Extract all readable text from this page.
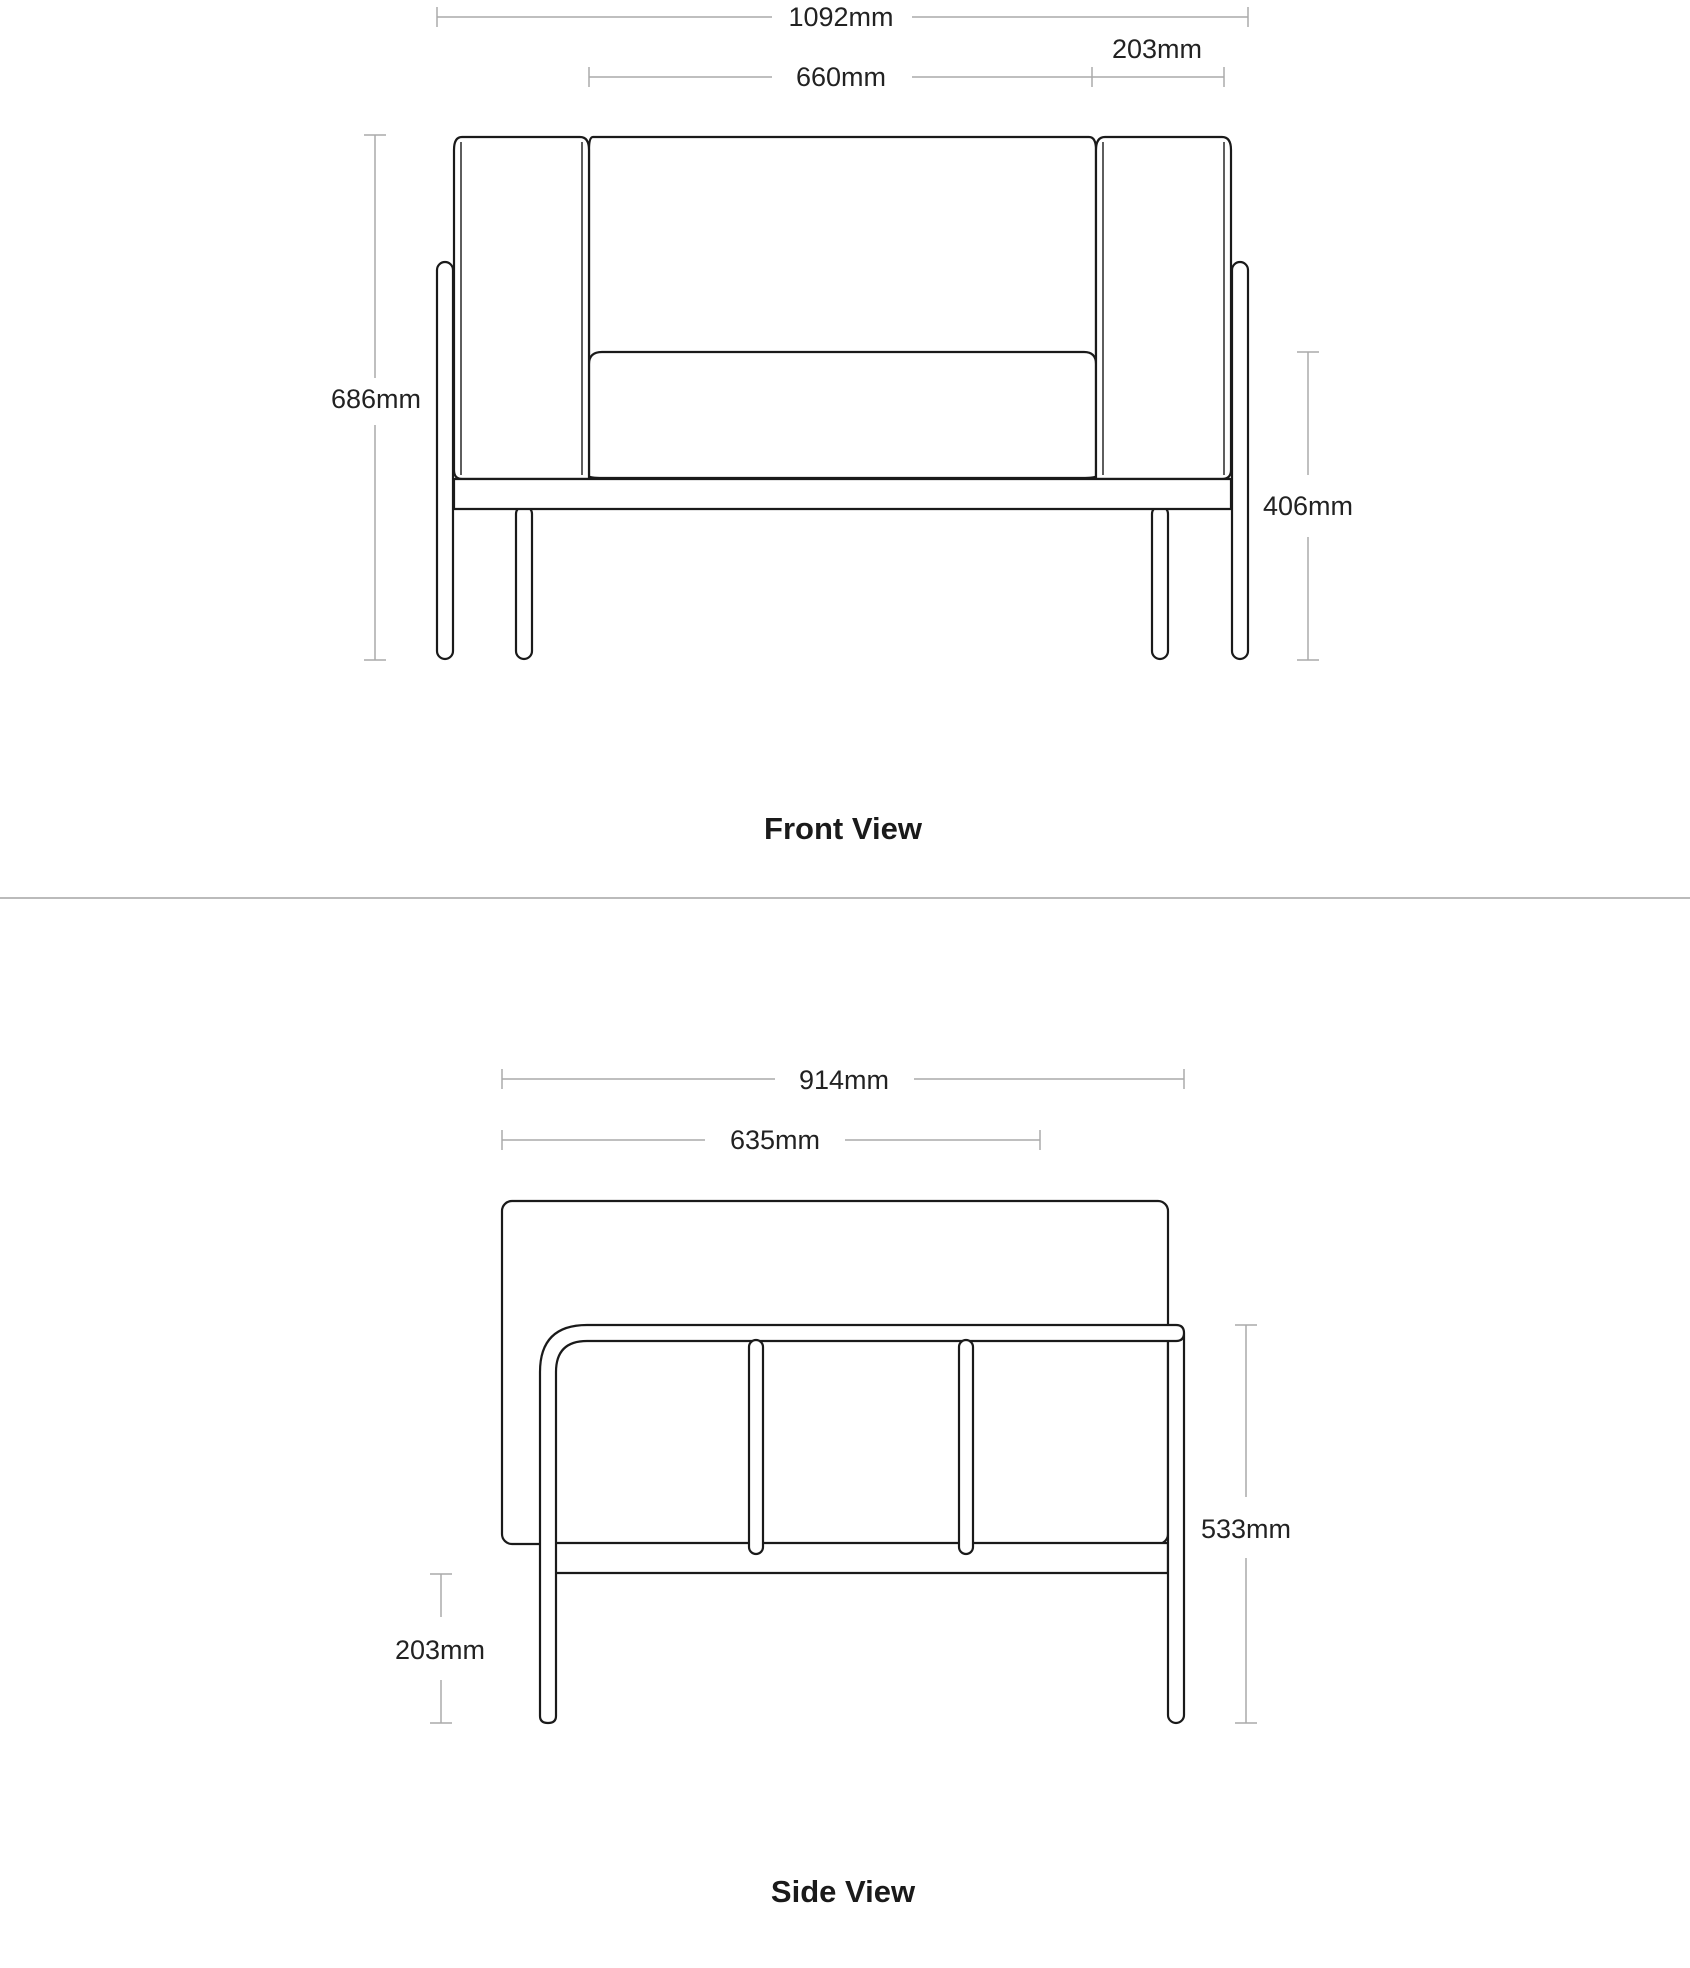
1092mm
660mm
203mm
686mm
406mm
Front View
914mm
635mm
203mm
533mm
Side View
